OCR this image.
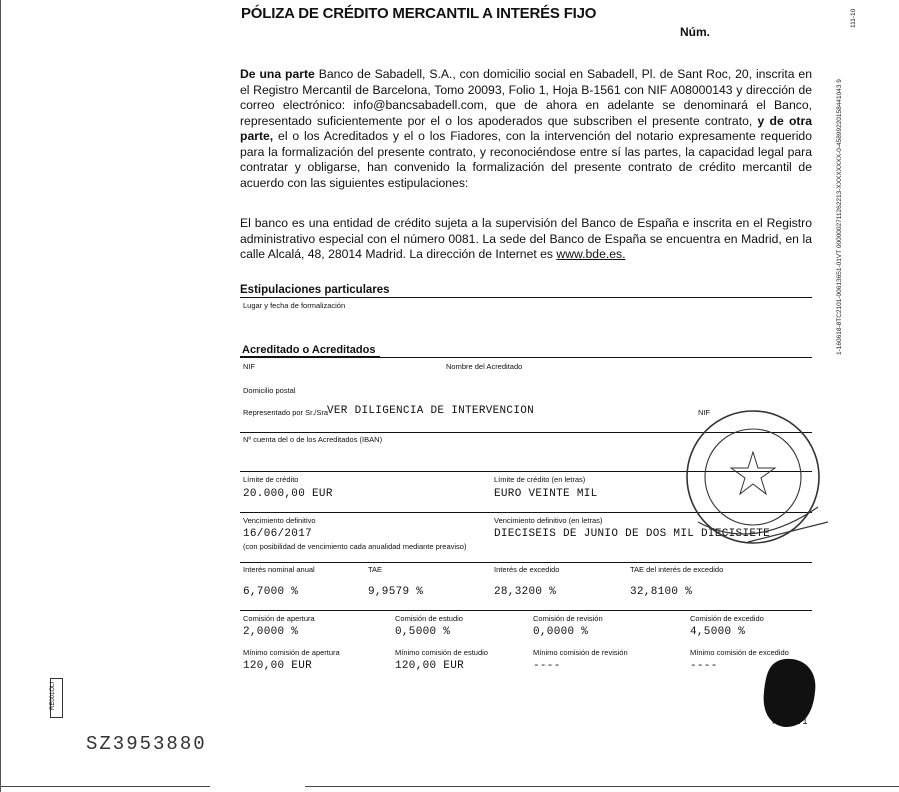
PÓLIZA DE CRÉDITO MERCANTIL A INTERÉS FIJO
Núm.
De una parte Banco de Sabadell, S.A., con domicilio social en Sabadell, Pl. de Sant Roc, 20, inscrita en el Registro Mercantil de Barcelona, Tomo 20093, Folio 1, Hoja B-1561 con NIF A08000143 y dirección de correo electrónico: info@bancsabadell.com, que de ahora en adelante se denominará el Banco, representado suficientemente por el o los apoderados que subscriben el presente contrato, y de otra parte, el o los Acreditados y el o los Fiadores, con la intervención del notario expresamente requerido para la formalización del presente contrato, y reconociéndose entre sí las partes, la capacidad legal para contratar y obligarse, han convenido la formalización del presente contrato de crédito mercantil de acuerdo con las siguientes estipulaciones:
El banco es una entidad de crédito sujeta a la supervisión del Banco de España e inscrita en el Registro administrativo especial con el número 0081. La sede del Banco de España se encuentra en Madrid, en la calle Alcalá, 48, 28014 Madrid. La dirección de Internet es www.bde.es.
Estipulaciones particulares
Lugar y fecha de formalización
Acreditado o Acreditados
NIF	Nombre del Acreditado
Domicilio postal
Representado por Sr./Sra
VER DILIGENCIA DE INTERVENCION	NIF
Nº cuenta del o de los Acreditados (IBAN)
Límite de crédito
20.000,00 EUR
Límite de crédito (en letras)
EURO VEINTE MIL
Vencimiento definitivo
16/06/2017
(con posibilidad de vencimiento cada anualidad mediante preaviso)
Vencimiento definitivo (en letras)
DIECISEIS DE JUNIO DE DOS MIL DIECISIETE
Interés nominal anual
6,7000 %
TAE
9,9579 %
Interés de excedido
28,3200 %
TAE del interés de excedido
32,8100 %
Comisión de apertura
2,0000 %
Comisión de estudio
0,5000 %
Comisión de revisión
0,0000 %
Comisión de excedido
4,5000 %
Mínimo comisión de apertura
120,00 EUR
Mínimo comisión de estudio
120,00 EUR
Mínimo comisión de revisión
----
Mínimo comisión de excedido
----
Página 1
RE001OLI
SZ3953880
1-160618-8TC2101-00613651-01VT 0000002711262213-XXXXXXXX-0-45899220158441043 9
111-10
